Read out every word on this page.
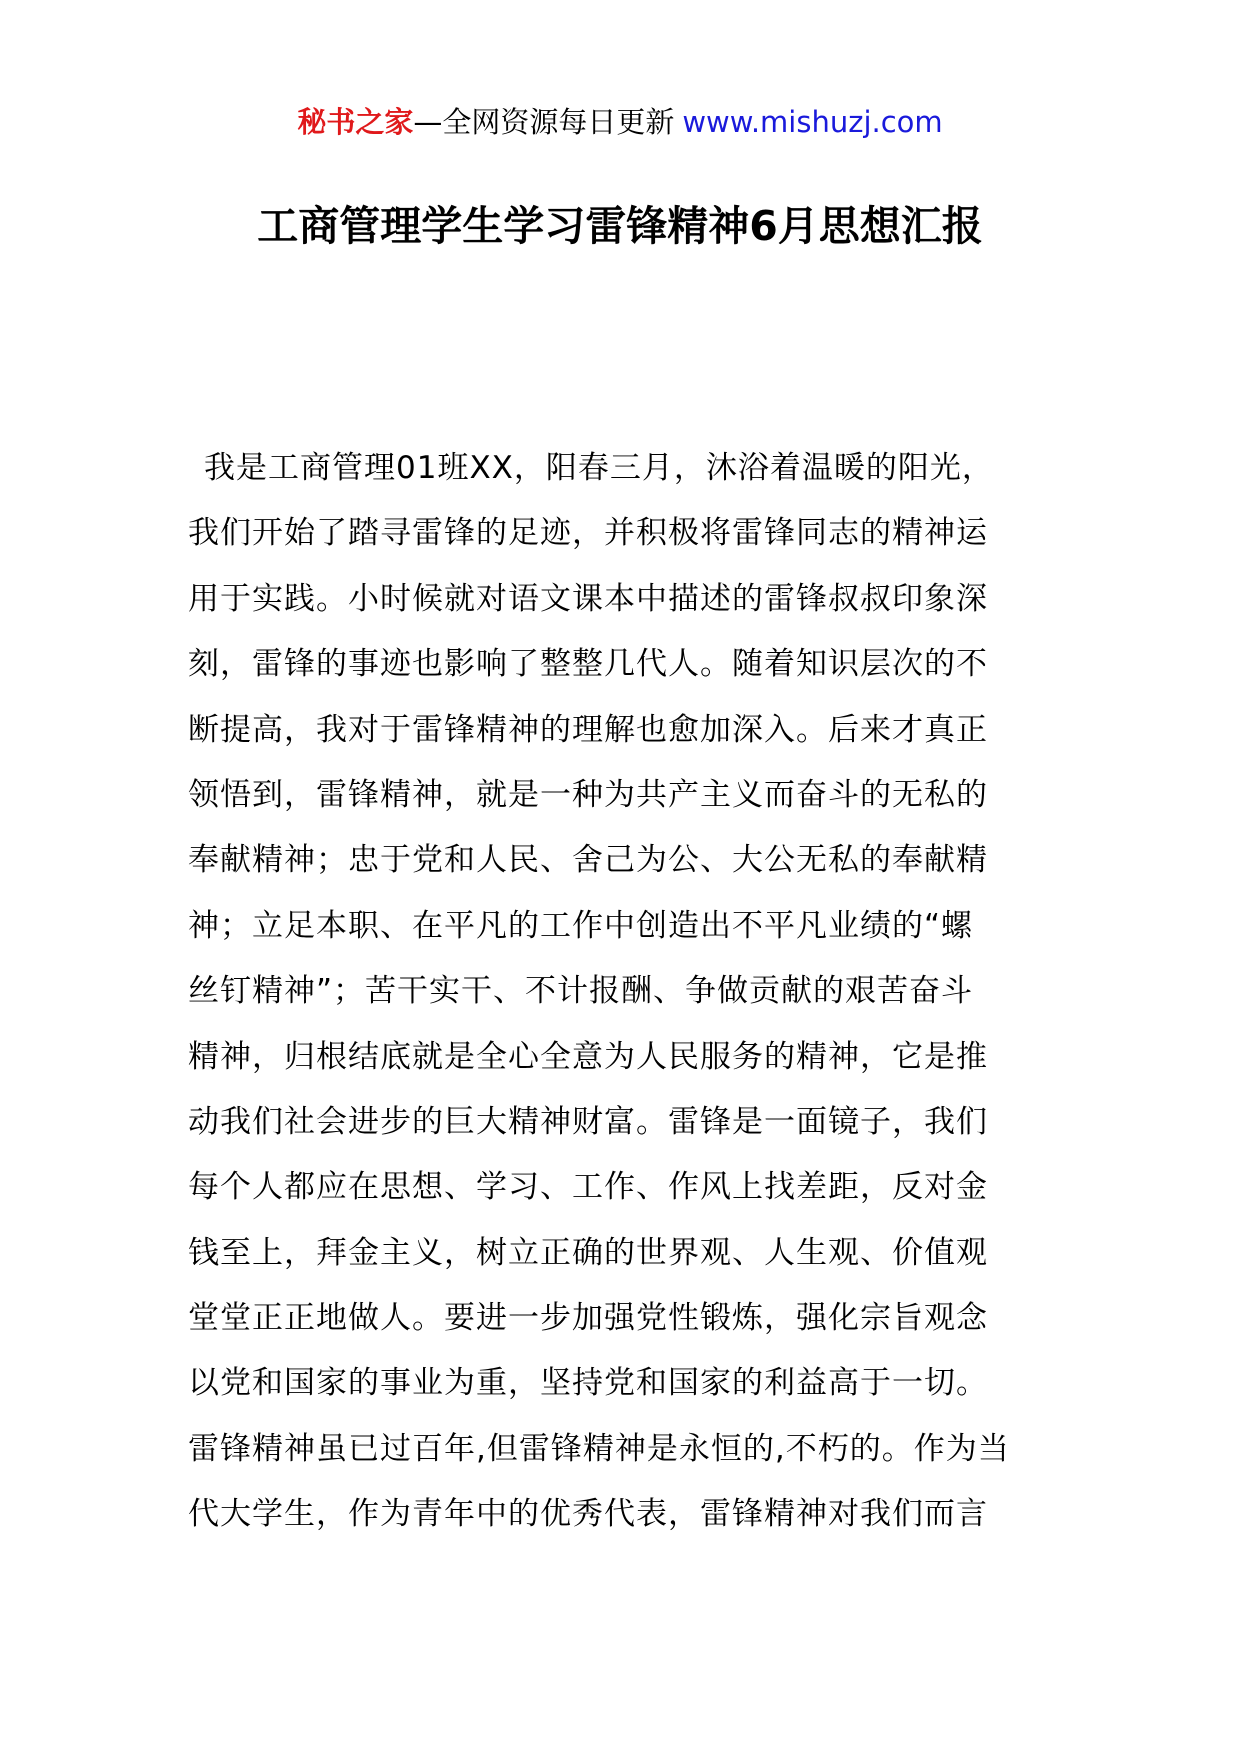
秘书之家—全网资源每日更新 www.mishuzj.com
工商管理学生学习雷锋精神6月思想汇报
我是工商管理01班XX，阳春三月，沐浴着温暖的阳光，
我们开始了踏寻雷锋的足迹，并积极将雷锋同志的精神运
用于实践。小时候就对语文课本中描述的雷锋叔叔印象深
刻，雷锋的事迹也影响了整整几代人。随着知识层次的不
断提高，我对于雷锋精神的理解也愈加深入。后来才真正
领悟到，雷锋精神，就是一种为共产主义而奋斗的无私的
奉献精神；忠于党和人民、舍己为公、大公无私的奉献精
神；立足本职、在平凡的工作中创造出不平凡业绩的“螺
丝钉精神”；苦干实干、不计报酬、争做贡献的艰苦奋斗
精神，归根结底就是全心全意为人民服务的精神，它是推
动我们社会进步的巨大精神财富。雷锋是一面镜子，我们
每个人都应在思想、学习、工作、作风上找差距，反对金
钱至上，拜金主义，树立正确的世界观、人生观、价值观
堂堂正正地做人。要进一步加强党性锻炼，强化宗旨观念
以党和国家的事业为重，坚持党和国家的利益高于一切。
雷锋精神虽已过百年,但雷锋精神是永恒的,不朽的。作为当
代大学生，作为青年中的优秀代表，雷锋精神对我们而言
